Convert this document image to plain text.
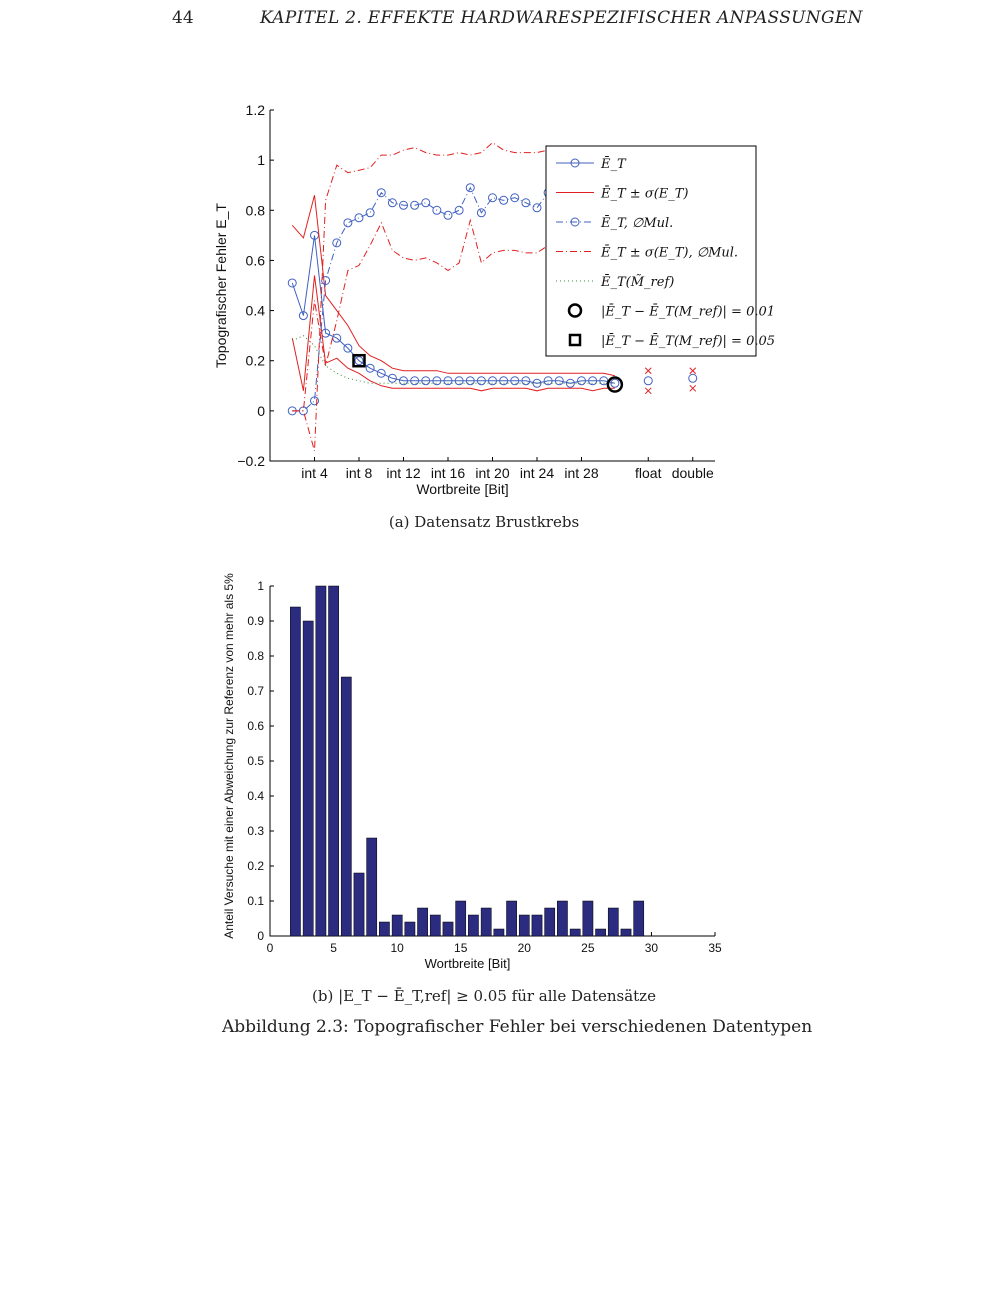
44	KAPITEL 2. EFFEKTE HARDWARESPEZIFISCHER ANPASSUNGEN
−0.2
0
0.2
0.4
0.6
0.8
1
1.2
int 4 int 8 int 12 int 16 int 20 int 24 int 28	float double
Wortbreite [Bit]
Topografischer Fehler E_T
Ē_T
Ē_T ± σ(E_T)
Ē_T, ∅Mul.
Ē_T ± σ(E_T), ∅Mul.
Ē_T(M̃_ref)
|Ē_T − Ē_T(M_ref)| = 0.01
|Ē_T − Ē_T(M_ref)| = 0.05
(a) Datensatz Brustkrebs
0
0.1
0.2
0.3
0.4
0.5
0.6
0.7
0.8
0.9
1
0	5	10	15	20	25	30	35
Wortbreite [Bit]
Anteil Versuche mit einer Abweichung zur Referenz von mehr als 5%
(b) |E_T − Ē_T,ref| ≥ 0.05 für alle Datensätze
Abbildung 2.3: Topografischer Fehler bei verschiedenen Datentypen
